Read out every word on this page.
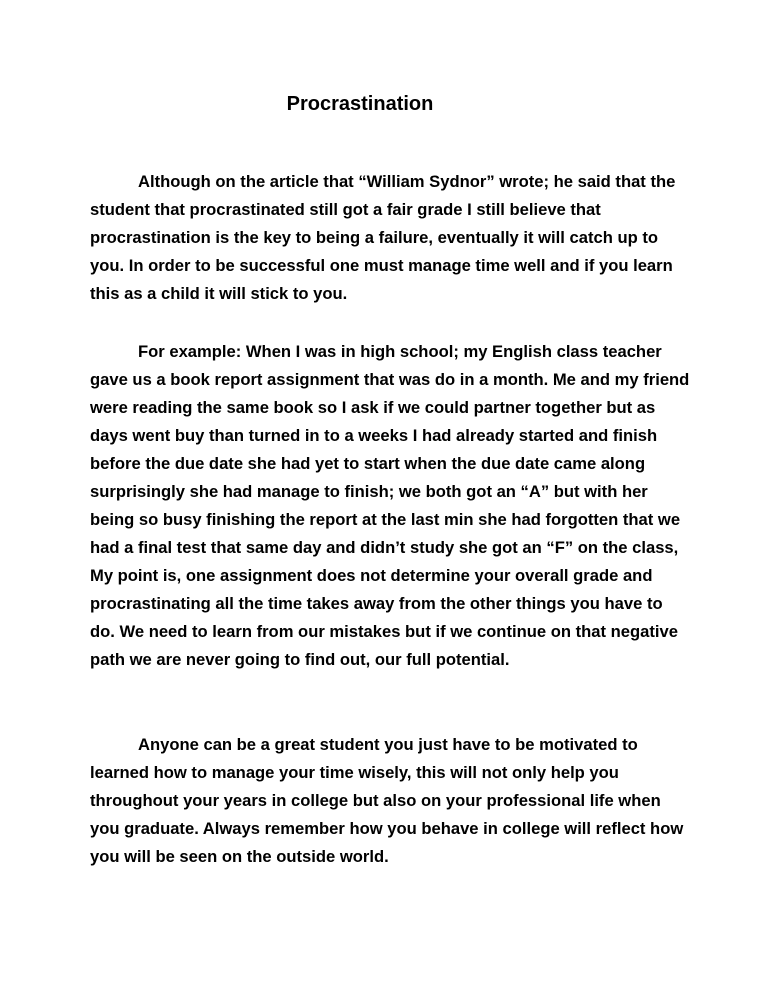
Procrastination

Although on the article that “William Sydnor” wrote; he said that the student that procrastinated still got a fair grade I still believe that procrastination is the key to being a failure, eventually it will catch up to you. In order to be successful one must manage time well and if you learn this as a child it will stick to you.

For example: When I was in high school; my English class teacher gave us a book report assignment that was do in a month. Me and my friend were reading the same book so I ask if we could partner together but as days went buy than turned in to a weeks I had already started and finish before the due date she had yet to start when the due date came along surprisingly she had manage to finish; we both got an “A” but with her being so busy finishing the report at the last min she had forgotten that we had a final test that same day and didn’t study she got an “F” on the class, My point is, one assignment does not determine your overall grade and procrastinating all the time takes away from the other things you have to do. We need to learn from our mistakes but if we continue on that negative path we are never going to find out, our full potential.

Anyone can be a great student you just have to be motivated to learned how to manage your time wisely, this will not only help you throughout your years in college but also on your professional life when you graduate. Always remember how you behave in college will reflect how you will be seen on the outside world.
